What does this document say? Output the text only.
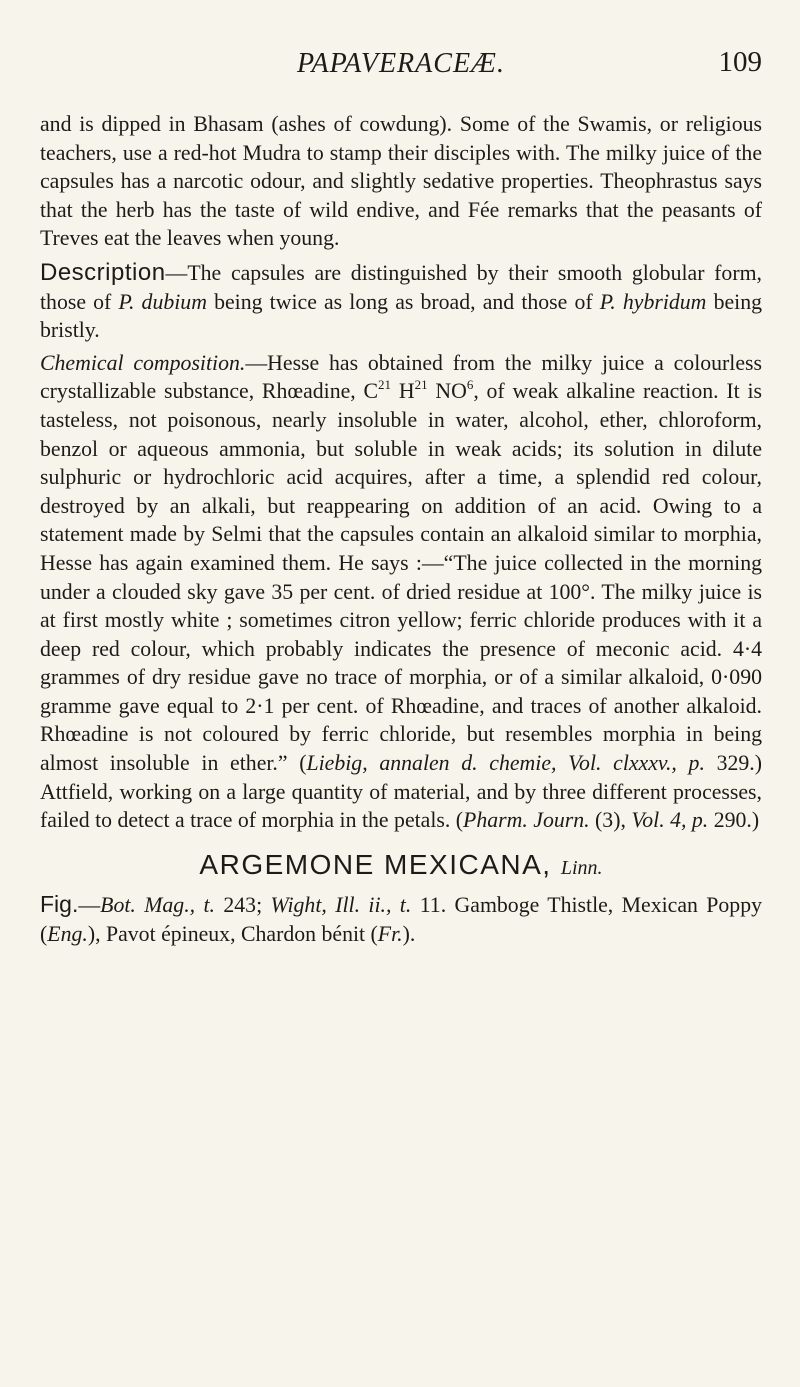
PAPAVERACEÆ.	109

and is dipped in Bhasam (ashes of cowdung). Some of the Swamis, or religious teachers, use a red-hot Mudra to stamp their disciples with. The milky juice of the capsules has a narcotic odour, and slightly sedative properties. Theophrastus says that the herb has the taste of wild endive, and Fée remarks that the peasants of Treves eat the leaves when young.

Description—The capsules are distinguished by their smooth globular form, those of P. dubium being twice as long as broad, and those of P. hybridum being bristly.

Chemical composition.—Hesse has obtained from the milky juice a colourless crystallizable substance, Rhœadine, $C^{21}$ $H^{21}$ $NO^6$, of weak alkaline reaction. It is tasteless, not poisonous, nearly insoluble in water, alcohol, ether, chloroform, benzol or aqueous ammonia, but soluble in weak acids; its solution in dilute sulphuric or hydrochloric acid acquires, after a time, a splendid red colour, destroyed by an alkali, but reappearing on addition of an acid. Owing to a statement made by Selmi that the capsules contain an alkaloid similar to morphia, Hesse has again examined them. He says :—“The juice collected in the morning under a clouded sky gave 35 per cent. of dried residue at 100°. The milky juice is at first mostly white ; sometimes citron yellow; ferric chloride produces with it a deep red colour, which probably indicates the presence of meconic acid. 4·4 grammes of dry residue gave no trace of morphia, or of a similar alkaloid, 0·090 gramme gave equal to 2·1 per cent. of Rhœadine, and traces of another alkaloid. Rhœadine is not coloured by ferric chloride, but resembles morphia in being almost insoluble in ether.” (Liebig, annalen d. chemie, Vol. clxxxv., p. 329.) Attfield, working on a large quantity of material, and by three different processes, failed to detect a trace of morphia in the petals. (Pharm. Journ. (3), Vol. 4, p. 290.)

ARGEMONE MEXICANA, Linn.

Fig.—Bot. Mag., t. 243; Wight, Ill. ii., t. 11. Gamboge Thistle, Mexican Poppy (Eng.), Pavot épineux, Chardon bénit (Fr.).
